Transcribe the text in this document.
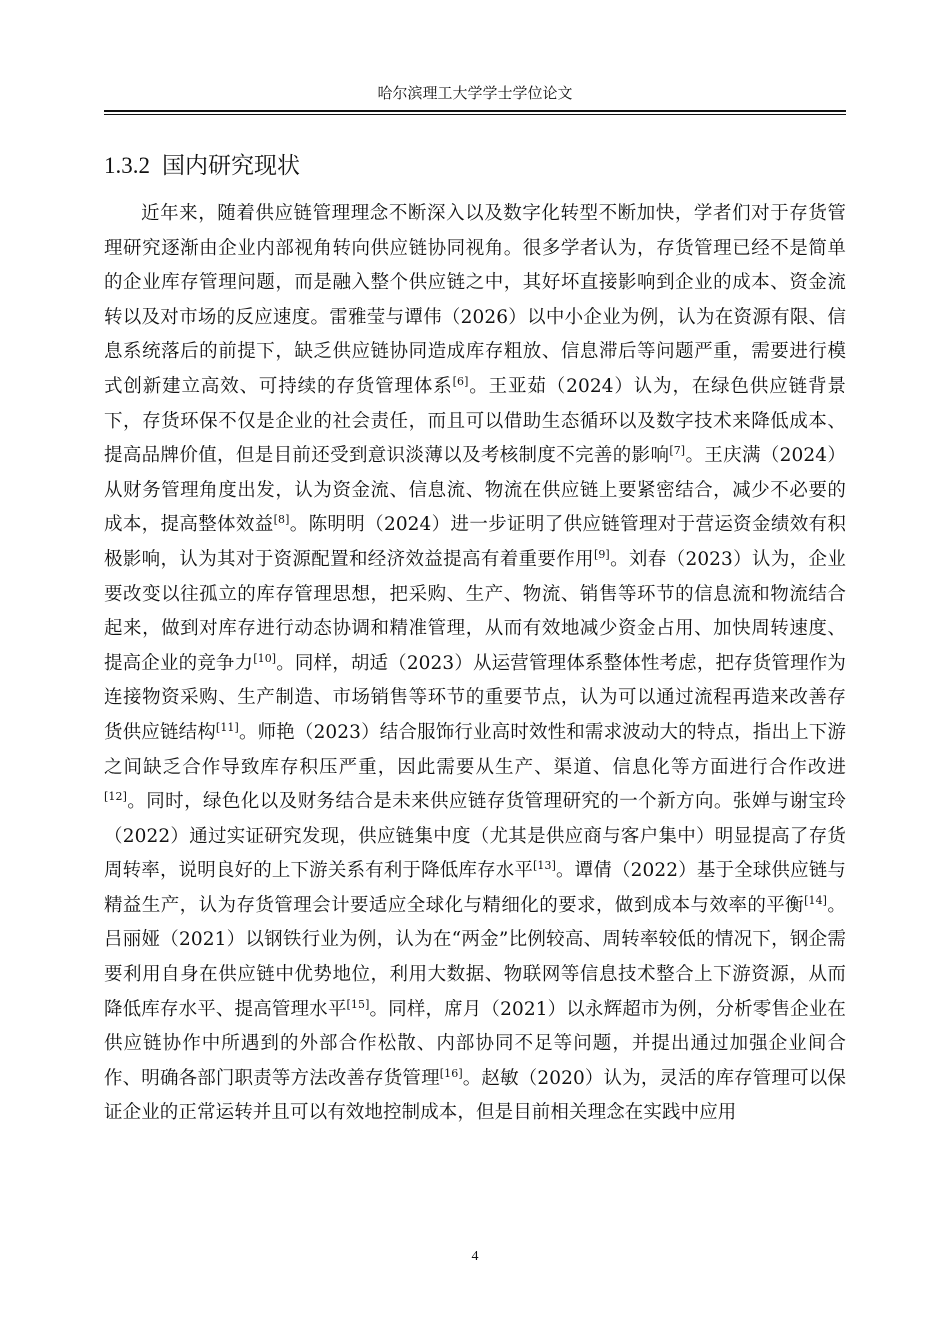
哈尔滨理工大学学士学位论文
1.3.2 国内研究现状

近年来，随着供应链管理理念不断深入以及数字化转型不断加快，学者们对于存货管理研究逐渐由企业内部视角转向供应链协同视角。很多学者认为，存货管理已经不是简单的企业库存管理问题，而是融入整个供应链之中，其好坏直接影响到企业的成本、资金流转以及对市场的反应速度。雷雅莹与谭伟（2026）以中小企业为例，认为在资源有限、信息系统落后的前提下，缺乏供应链协同造成库存粗放、信息滞后等问题严重，需要进行模式创新建立高效、可持续的存货管理体系[6]。王亚茹（2024）认为，在绿色供应链背景下，存货环保不仅是企业的社会责任，而且可以借助生态循环以及数字技术来降低成本、提高品牌价值，但是目前还受到意识淡薄以及考核制度不完善的影响[7]。王庆满（2024）从财务管理角度出发，认为资金流、信息流、物流在供应链上要紧密结合，减少不必要的成本，提高整体效益[8]。陈明明（2024）进一步证明了供应链管理对于营运资金绩效有积极影响，认为其对于资源配置和经济效益提高有着重要作用[9]。刘春（2023）认为，企业要改变以往孤立的库存管理思想，把采购、生产、物流、销售等环节的信息流和物流结合起来，做到对库存进行动态协调和精准管理，从而有效地减少资金占用、加快周转速度、提高企业的竞争力[10]。同样，胡适（2023）从运营管理体系整体性考虑，把存货管理作为连接物资采购、生产制造、市场销售等环节的重要节点，认为可以通过流程再造来改善存货供应链结构[11]。师艳（2023）结合服饰行业高时效性和需求波动大的特点，指出上下游之间缺乏合作导致库存积压严重，因此需要从生产、渠道、信息化等方面进行合作改进[12]。同时，绿色化以及财务结合是未来供应链存货管理研究的一个新方向。张婵与谢宝玲（2022）通过实证研究发现，供应链集中度（尤其是供应商与客户集中）明显提高了存货周转率，说明良好的上下游关系有利于降低库存水平[13]。谭倩（2022）基于全球供应链与精益生产，认为存货管理会计要适应全球化与精细化的要求，做到成本与效率的平衡[14]。吕丽娅（2021）以钢铁行业为例，认为在“两金”比例较高、周转率较低的情况下，钢企需要利用自身在供应链中优势地位，利用大数据、物联网等信息技术整合上下游资源，从而降低库存水平、提高管理水平[15]。同样，席月（2021）以永辉超市为例，分析零售企业在供应链协作中所遇到的外部合作松散、内部协同不足等问题，并提出通过加强企业间合作、明确各部门职责等方法改善存货管理[16]。赵敏（2020）认为，灵活的库存管理可以保证企业的正常运转并且可以有效地控制成本，但是目前相关理念在实践中应用

4
